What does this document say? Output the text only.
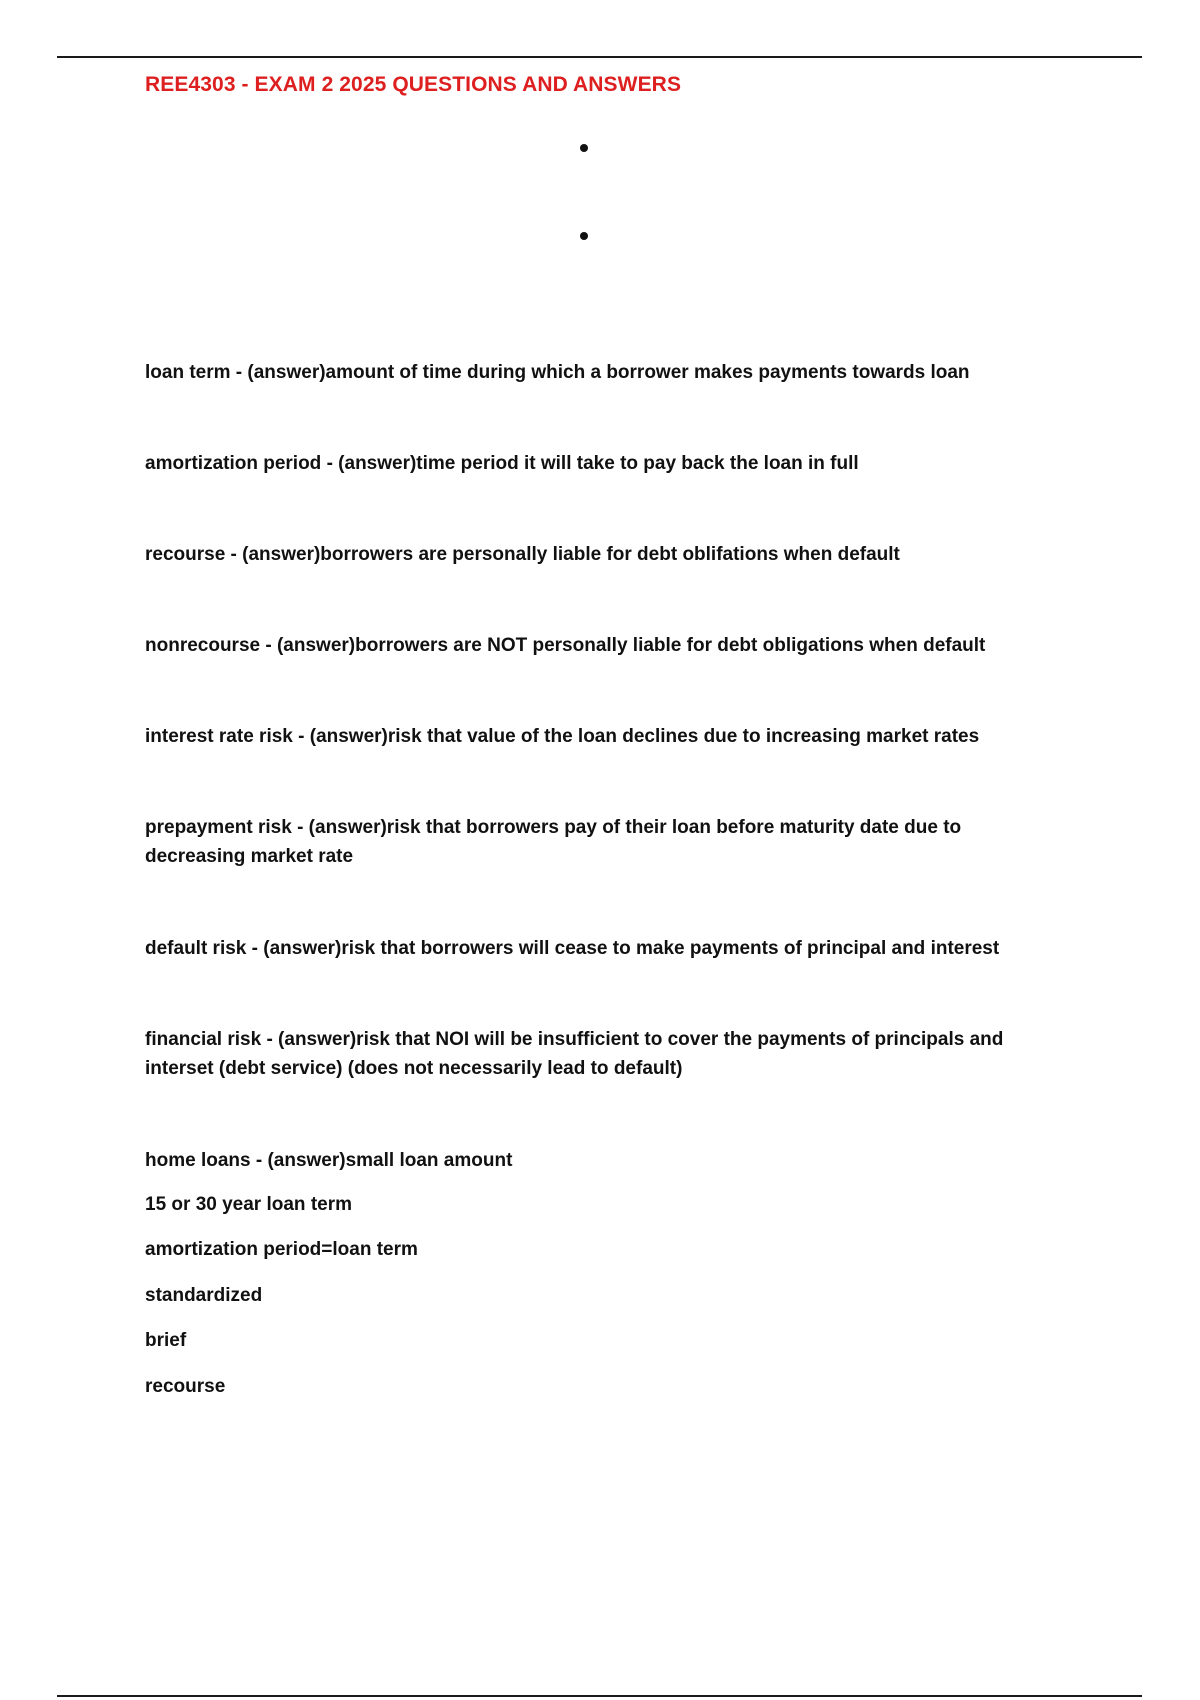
REE4303 - EXAM 2 2025 QUESTIONS AND ANSWERS
loan term - (answer)amount of time during which a borrower makes payments towards loan
amortization period - (answer)time period it will take to pay back the loan in full
recourse - (answer)borrowers are personally liable for debt oblifations when default
nonrecourse - (answer)borrowers are NOT personally liable for debt obligations when default
interest rate risk - (answer)risk that value of the loan declines due to increasing market rates
prepayment risk - (answer)risk that borrowers pay of their loan before maturity date due to decreasing market rate
default risk - (answer)risk that borrowers will cease to make payments of principal and interest
financial risk - (answer)risk that NOI will be insufficient to cover the payments of principals and interset (debt service) (does not necessarily lead to default)
home loans - (answer)small loan amount
15 or 30 year loan term
amortization period=loan term
standardized
brief
recourse
